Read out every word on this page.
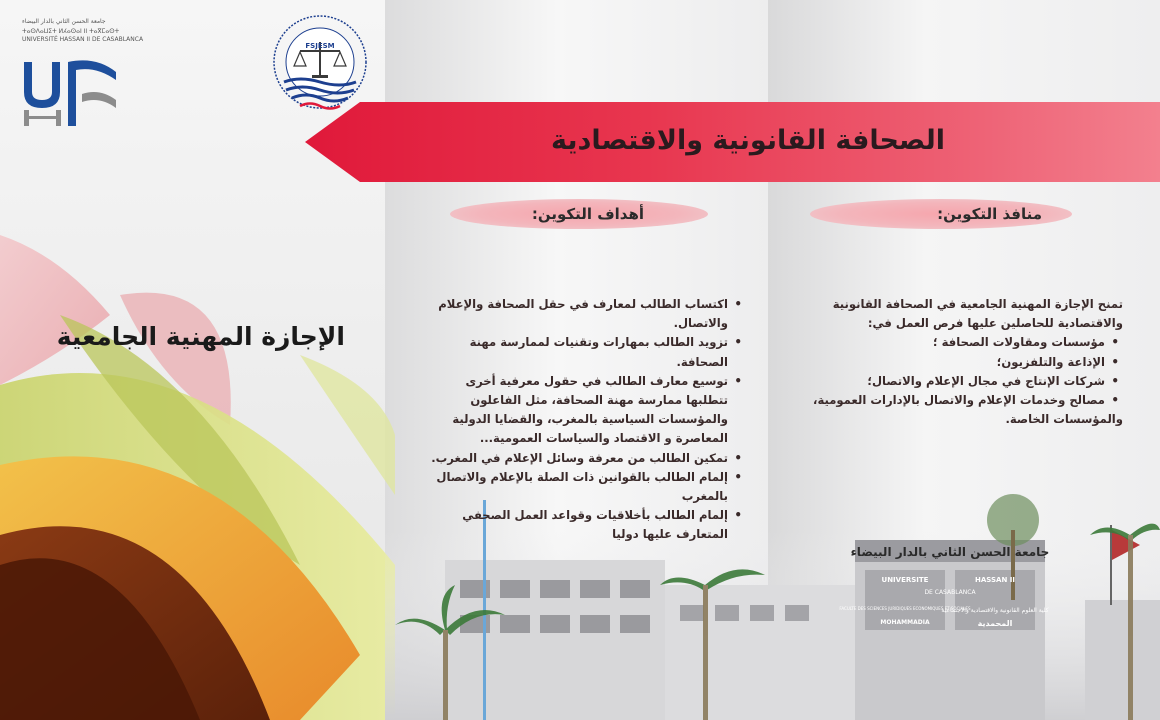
جامعة الحسن الثاني بالدار البيضاء
UNIVERSITE	HASSAN II
DE CASABLANCA
FACULTE DES SCIENCES JURIDIQUES ECONOMIQUES ET SOCIALES
MOHAMMADIA
كلية العلوم القانونية والاقتصادية والاجتماعية
المحمدية
جامعة الحسن الثاني بالدار البيضاء
ⵜⴰⵙⴷⴰⵡⵉⵜ ⵍⵃⴰⵙⴰⵏ II ⵜⴰⴳⵎⴰⵙⵜ
UNIVERSITÉ HASSAN II DE CASABLANCA
FSJESM
الصحافة القانونية والاقتصادية
أهداف التكوين:	منافذ التكوين:
• اكتساب الطالب لمعارف في حقل الصحافة والإعلام والاتصال.
• تزويد الطالب بمهارات وتقنيات لممارسة مهنة الصحافة.
• توسيع معارف الطالب في حقول معرفية أخرى تتطلبها ممارسة مهنة الصحافة، مثل الفاعلون والمؤسسات السياسية بالمغرب، والقضايا الدولية المعاصرة و الاقتصاد والسياسات العمومية...
• تمكين الطالب من معرفة وسائل الإعلام في المغرب.
• إلمام الطالب بالقوانين ذات الصلة بالإعلام والاتصال بالمغرب
• إلمام الطالب بأخلاقيات وقواعد العمل الصحفي المتعارف عليها دوليا
تمنح الإجازة المهنية الجامعية في الصحافة القانونية والاقتصادية للحاصلين عليها فرص العمل في:
• مؤسسات ومقاولات الصحافة ؛
• الإذاعة والتلفزيون؛
• شركات الإنتاج في مجال الإعلام والاتصال؛
• مصالح وخدمات الإعلام والاتصال بالإدارات العمومية،
والمؤسسات الخاصة.
الإجازة المهنية الجامعية
